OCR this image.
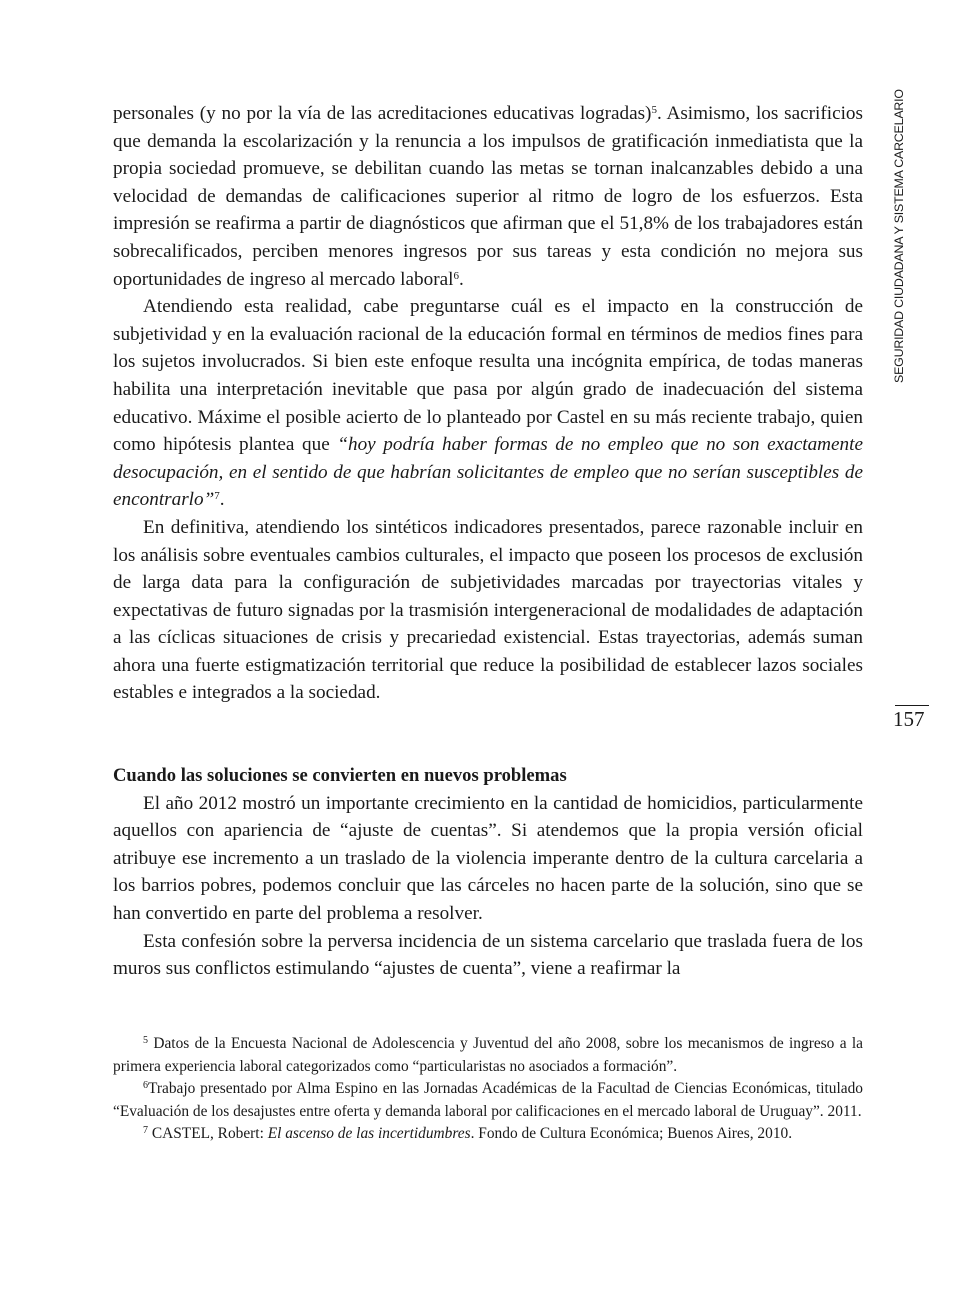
SEGURIDAD CIUDADANA Y SISTEMA CARCELARIO
157

personales (y no por la vía de las acreditaciones educativas logradas)$^5$. Asimismo, los sacrificios que demanda la escolarización y la renuncia a los impulsos de gratificación inmediatista que la propia sociedad promueve, se debilitan cuando las metas se tornan inalcanzables debido a una velocidad de demandas de calificaciones superior al ritmo de logro de los esfuerzos. Esta impresión se reafirma a partir de diagnósticos que afirman que el 51,8% de los trabajadores están sobrecalificados, perciben menores ingresos por sus tareas y esta condición no mejora sus oportunidades de ingreso al mercado laboral$^6$.

Atendiendo esta realidad, cabe preguntarse cuál es el impacto en la construcción de subjetividad y en la evaluación racional de la educación formal en términos de medios fines para los sujetos involucrados. Si bien este enfoque resulta una incógnita empírica, de todas maneras habilita una interpretación inevitable que pasa por algún grado de inadecuación del sistema educativo. Máxime el posible acierto de lo planteado por Castel en su más reciente trabajo, quien como hipótesis plantea que “hoy podría haber formas de no empleo que no son exactamente desocupación, en el sentido de que habrían solicitantes de empleo que no serían susceptibles de encontrarlo”$^7$.

En definitiva, atendiendo los sintéticos indicadores presentados, parece razonable incluir en los análisis sobre eventuales cambios culturales, el impacto que poseen los procesos de exclusión de larga data para la configuración de subjetividades marcadas por trayectorias vitales y expectativas de futuro signadas por la trasmisión intergeneracional de modalidades de adaptación a las cíclicas situaciones de crisis y precariedad existencial. Estas trayectorias, además suman ahora una fuerte estigmatización territorial que reduce la posibilidad de establecer lazos sociales estables e integrados a la sociedad.

Cuando las soluciones se convierten en nuevos problemas

El año 2012 mostró un importante crecimiento en la cantidad de homicidios, particularmente aquellos con apariencia de “ajuste de cuentas”. Si atendemos que la propia versión oficial atribuye ese incremento a un traslado de la violencia imperante dentro de la cultura carcelaria a los barrios pobres, podemos concluir que las cárceles no hacen parte de la solución, sino que se han convertido en parte del problema a resolver.

Esta confesión sobre la perversa incidencia de un sistema carcelario que traslada fuera de los muros sus conflictos estimulando “ajustes de cuenta”, viene a reafirmar la

$^5$ Datos de la Encuesta Nacional de Adolescencia y Juventud del año 2008, sobre los mecanismos de ingreso a la primera experiencia laboral categorizados como “particularistas no asociados a formación”.

$^6$Trabajo presentado por Alma Espino en las Jornadas Académicas de la Facultad de Ciencias Económicas, titulado “Evaluación de los desajustes entre oferta y demanda laboral por calificaciones en el mercado laboral de Uruguay”. 2011.

$^7$ CASTEL, Robert: El ascenso de las incertidumbres. Fondo de Cultura Económica; Buenos Aires, 2010.
